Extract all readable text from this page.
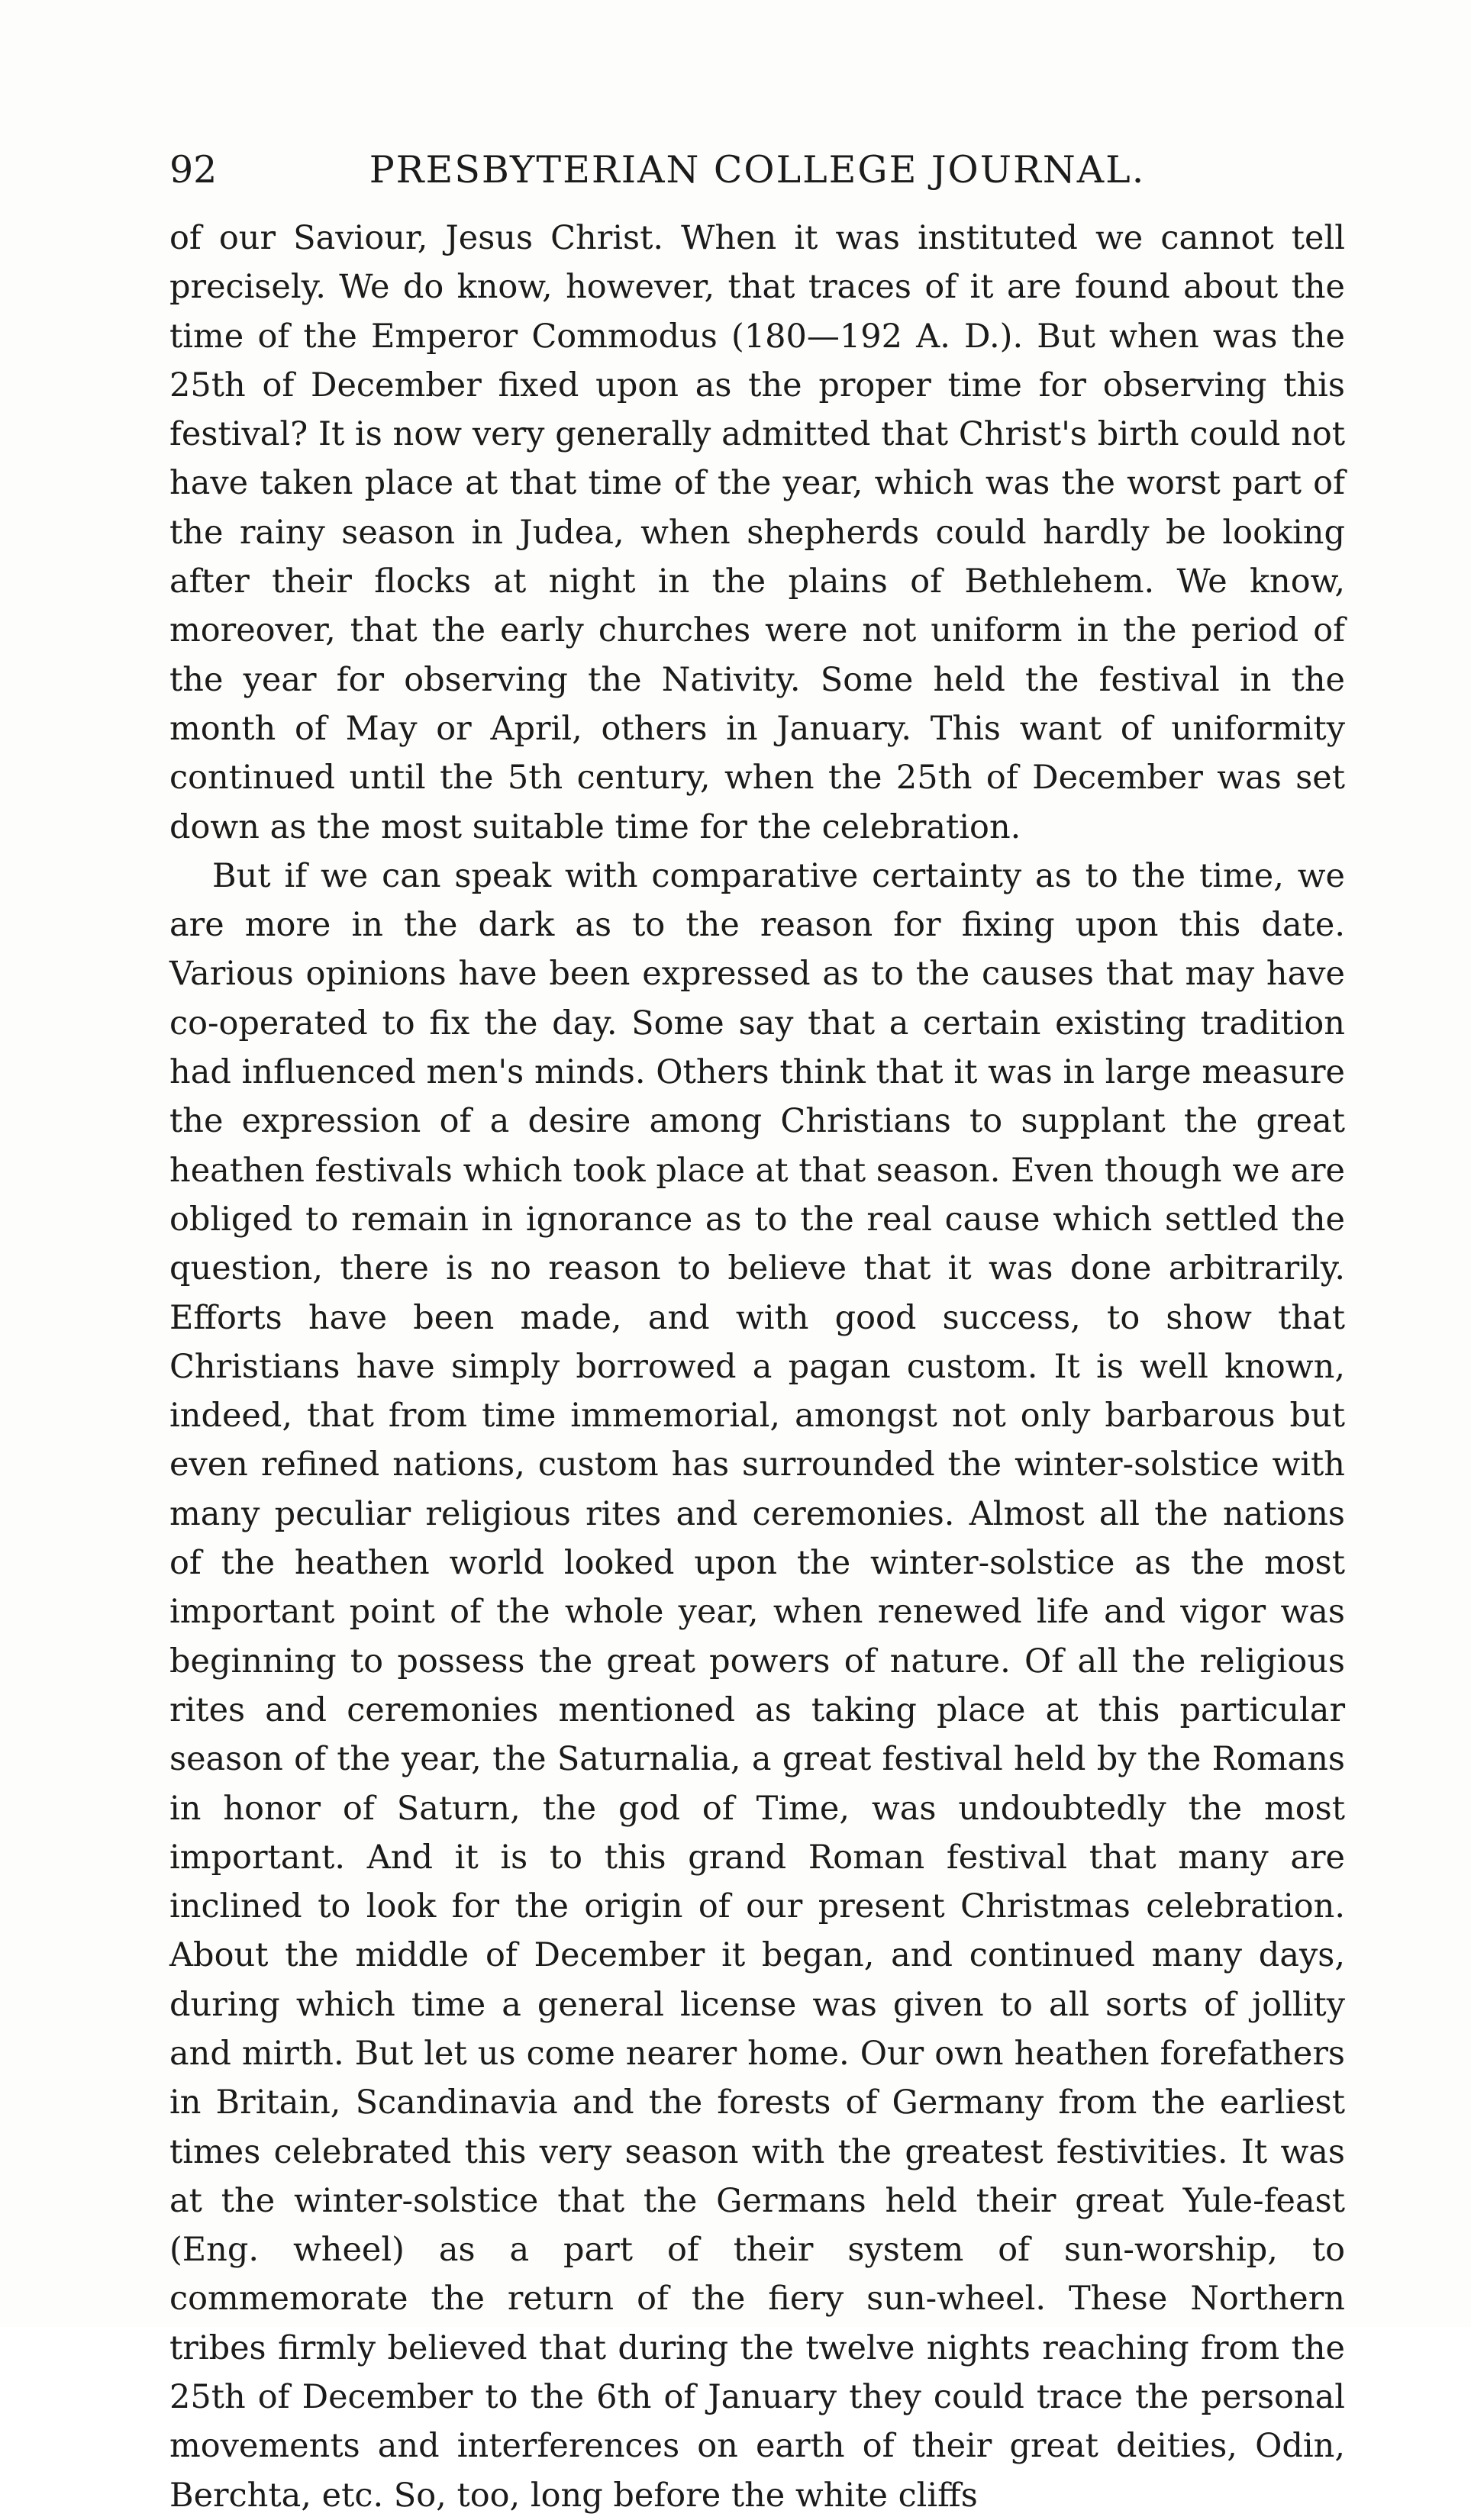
92	PRESBYTERIAN COLLEGE JOURNAL.

of our Saviour, Jesus Christ. When it was instituted we cannot tell precisely. We do know, however, that traces of it are found about the time of the Emperor Commodus (180—192 A. D.). But when was the 25th of December fixed upon as the proper time for observing this festival? It is now very generally admitted that Christ's birth could not have taken place at that time of the year, which was the worst part of the rainy season in Judea, when shepherds could hardly be looking after their flocks at night in the plains of Bethlehem. We know, moreover, that the early churches were not uniform in the period of the year for observing the Nativity. Some held the festival in the month of May or April, others in January. This want of uniformity continued until the 5th century, when the 25th of December was set down as the most suitable time for the celebration.

But if we can speak with comparative certainty as to the time, we are more in the dark as to the reason for fixing upon this date. Various opinions have been expressed as to the causes that may have co-operated to fix the day. Some say that a certain existing tradition had influenced men's minds. Others think that it was in large measure the expression of a desire among Christians to supplant the great heathen festivals which took place at that season. Even though we are obliged to remain in ignorance as to the real cause which settled the question, there is no reason to believe that it was done arbitrarily. Efforts have been made, and with good success, to show that Christians have simply borrowed a pagan custom. It is well known, indeed, that from time immemorial, amongst not only barbarous but even refined nations, custom has surrounded the winter-solstice with many peculiar religious rites and ceremonies. Almost all the nations of the heathen world looked upon the winter-solstice as the most important point of the whole year, when renewed life and vigor was beginning to possess the great powers of nature. Of all the religious rites and ceremonies mentioned as taking place at this particular season of the year, the Saturnalia, a great festival held by the Romans in honor of Saturn, the god of Time, was undoubtedly the most important. And it is to this grand Roman festival that many are inclined to look for the origin of our present Christmas celebration. About the middle of December it began, and continued many days, during which time a general license was given to all sorts of jollity and mirth. But let us come nearer home. Our own heathen forefathers in Britain, Scandinavia and the forests of Germany from the earliest times celebrated this very season with the greatest festivities. It was at the winter-solstice that the Germans held their great Yule-feast (Eng. wheel) as a part of their system of sun-worship, to commemorate the return of the fiery sun-wheel. These Northern tribes firmly believed that during the twelve nights reaching from the 25th of December to the 6th of January they could trace the personal movements and interferences on earth of their great deities, Odin, Berchta, etc. So, too, long before the white cliffs
